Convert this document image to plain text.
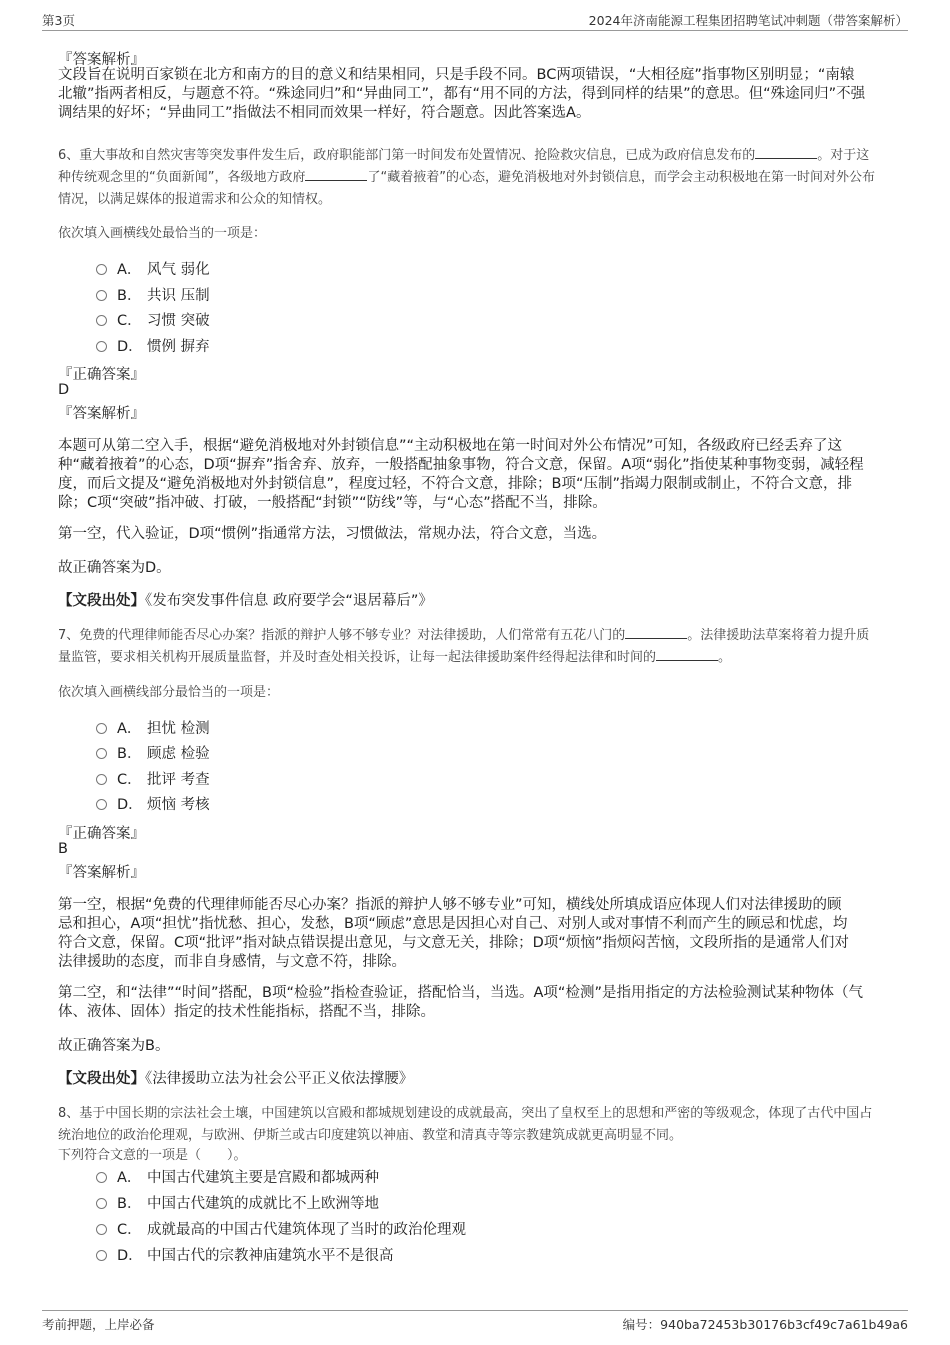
第3页	2024年济南能源工程集团招聘笔试冲刺题（带答案解析）
『答案解析』
文段旨在说明百家锁在北方和南方的目的意义和结果相同，只是手段不同。BC两项错误，“大相径庭”指事物区别明显；“南辕
北辙”指两者相反，与题意不符。“殊途同归”和“异曲同工”，都有“用不同的方法，得到同样的结果”的意思。但“殊途同归”不强
调结果的好坏；“异曲同工”指做法不相同而效果一样好，符合题意。因此答案选A。
6、重大事故和自然灾害等突发事件发生后，政府职能部门第一时间发布处置情况、抢险救灾信息，已成为政府信息发布的	。对于这
种传统观念里的“负面新闻”，各级地方政府	了“藏着掖着”的心态，避免消极地对外封锁信息，而学会主动积极地在第一时间对外公布
情况，以满足媒体的报道需求和公众的知情权。
依次填入画横线处最恰当的一项是：
A． 风气 弱化
B． 共识 压制
C． 习惯 突破
D． 惯例 摒弃
『正确答案』
D
『答案解析』
本题可从第二空入手，根据“避免消极地对外封锁信息”“主动积极地在第一时间对外公布情况”可知，各级政府已经丢弃了这
种“藏着掖着”的心态，D项“摒弃”指舍弃、放弃，一般搭配抽象事物，符合文意，保留。A项“弱化”指使某种事物变弱，减轻程
度，而后文提及“避免消极地对外封锁信息”，程度过轻，不符合文意，排除；B项“压制”指竭力限制或制止，不符合文意，排
除；C项“突破”指冲破、打破，一般搭配“封锁”“防线”等，与“心态”搭配不当，排除。
第一空，代入验证，D项“惯例”指通常方法，习惯做法，常规办法，符合文意，当选。
故正确答案为D。
【文段出处】《发布突发事件信息 政府要学会“退居幕后”》
7、免费的代理律师能否尽心办案？指派的辩护人够不够专业？对法律援助，人们常常有五花八门的	。法律援助法草案将着力提升质
量监管，要求相关机构开展质量监督，并及时查处相关投诉，让每一起法律援助案件经得起法律和时间的	。
依次填入画横线部分最恰当的一项是：
A． 担忧 检测
B． 顾虑 检验
C． 批评 考查
D． 烦恼 考核
『正确答案』
B
『答案解析』
第一空，根据“免费的代理律师能否尽心办案？指派的辩护人够不够专业”可知，横线处所填成语应体现人们对法律援助的顾
忌和担心，A项“担忧”指忧愁、担心，发愁，B项“顾虑”意思是因担心对自己、对别人或对事情不利而产生的顾忌和忧虑，均
符合文意，保留。C项“批评”指对缺点错误提出意见，与文意无关，排除；D项“烦恼”指烦闷苦恼，文段所指的是通常人们对
法律援助的态度，而非自身感情，与文意不符，排除。
第二空，和“法律”“时间”搭配，B项“检验”指检查验证，搭配恰当，当选。A项“检测”是指用指定的方法检验测试某种物体（气
体、液体、固体）指定的技术性能指标，搭配不当，排除。
故正确答案为B。
【文段出处】《法律援助立法为社会公平正义依法撑腰》
8、基于中国长期的宗法社会土壤，中国建筑以宫殿和都城规划建设的成就最高，突出了皇权至上的思想和严密的等级观念，体现了古代中国占
统治地位的政治伦理观，与欧洲、伊斯兰或古印度建筑以神庙、教堂和清真寺等宗教建筑成就更高明显不同。
下列符合文意的一项是（　　）。
A． 中国古代建筑主要是宫殿和都城两种
B． 中国古代建筑的成就比不上欧洲等地
C． 成就最高的中国古代建筑体现了当时的政治伦理观
D． 中国古代的宗教神庙建筑水平不是很高
考前押题，上岸必备	编号：940ba72453b30176b3cf49c7a61b49a6
